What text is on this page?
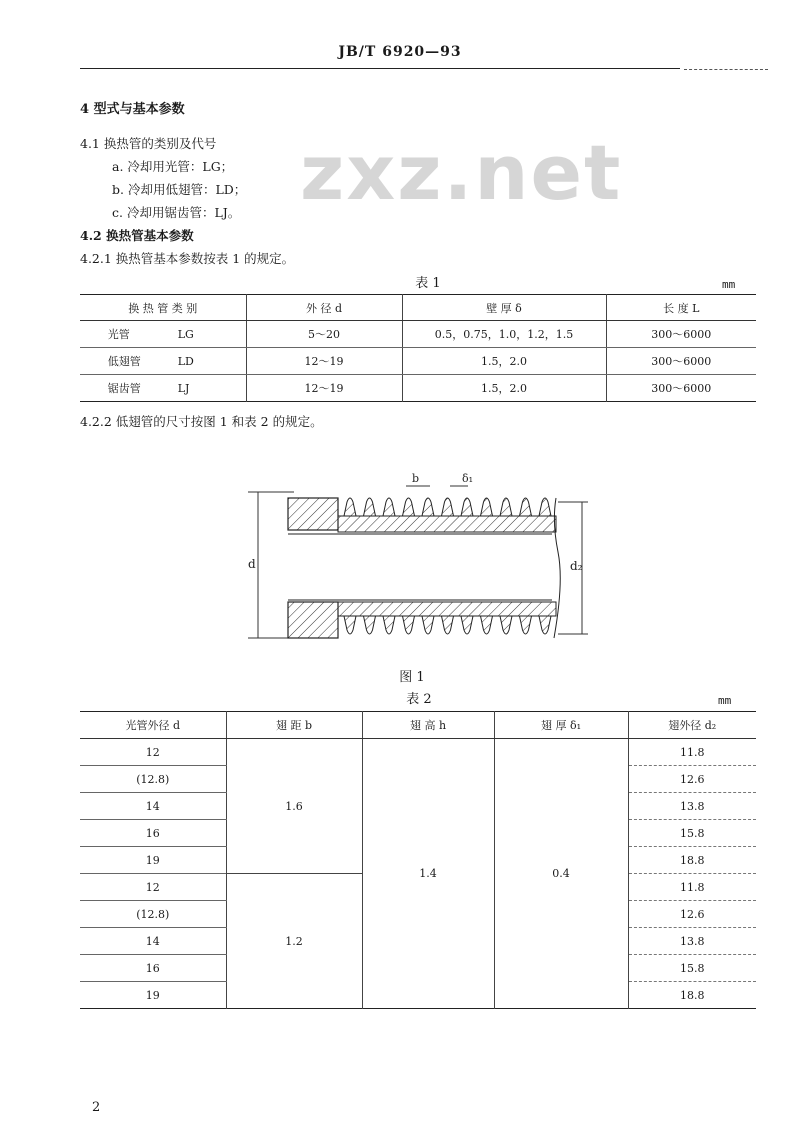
JB/T 6920—93
zxz.net
4 型式与基本参数
4.1 换热管的类别及代号
a. 冷却用光管：LG；
b. 冷却用低翅管：LD；
c. 冷却用锯齿管：LJ。
4.2 换热管基本参数
4.2.1 换热管基本参数按表 1 的规定。
表 1	mm
换 热 管 类 别	外 径 d	壁 厚 δ	长 度 L
光管 LG	5～20	0.5，0.75，1.0，1.2，1.5	300～6000
低翅管 LD	12～19	1.5，2.0	300～6000
锯齿管 LJ	12～19	1.5，2.0	300～6000
4.2.2 低翅管的尺寸按图 1 和表 2 的规定。
d	d₂
b	δ₁
图 1
表 2	mm
光管外径 d	翅 距 b	翅 高 h	翅 厚 δ₁	翅外径 d₂
12	1.6	1.4	0.4	11.8
(12.8)				12.6
14				13.8
16				15.8
19				18.8
12	1.2			11.8
(12.8)				12.6
14				13.8
16				15.8
19				18.8
2
